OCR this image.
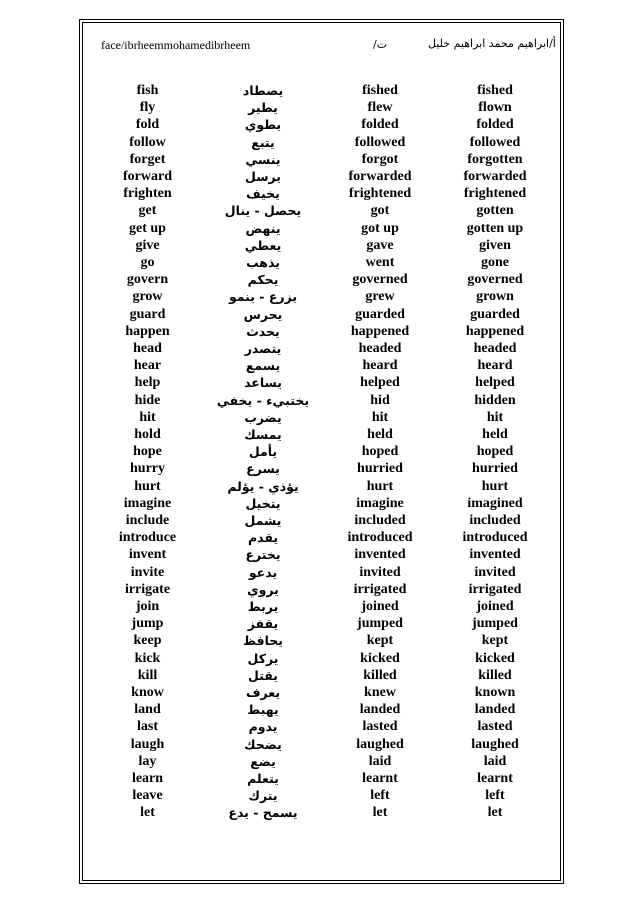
face/ibrheemmohamedibrheem	ت/	أ/ابراهيم محمد ابراهيم خليل
fish	يصطاد	fished	fished
fly	يطير	flew	flown
fold	يطوي	folded	folded
follow	يتبع	followed	followed
forget	ينسي	forgot	forgotten
forward	يرسل	forwarded	forwarded
frighten	يخيف	frightened	frightened
get	يحصل - ينال	got	gotten
get up	ينهض	got up	gotten up
give	يعطي	gave	given
go	يذهب	went	gone
govern	يحكم	governed	governed
grow	يزرع - ينمو	grew	grown
guard	يحرس	guarded	guarded
happen	يحدث	happened	happened
head	يتصدر	headed	headed
hear	يسمع	heard	heard
help	يساعد	helped	helped
hide	يختبيء - يخفي	hid	hidden
hit	يضرب	hit	hit
hold	يمسك	held	held
hope	يأمل	hoped	hoped
hurry	يسرع	hurried	hurried
hurt	يؤذي - يؤلم	hurt	hurt
imagine	يتخيل	imagine	imagined
include	يشمل	included	included
introduce	يقدم	introduced	introduced
invent	يخترع	invented	invented
invite	يدعو	invited	invited
irrigate	يروي	irrigated	irrigated
join	يربط	joined	joined
jump	يقفز	jumped	jumped
keep	يحافظ	kept	kept
kick	يركل	kicked	kicked
kill	يقتل	killed	killed
know	يعرف	knew	known
land	يهبط	landed	landed
last	يدوم	lasted	lasted
laugh	يضحك	laughed	laughed
lay	يضع	laid	laid
learn	يتعلم	learnt	learnt
leave	يترك	left	left
let	يسمح - يدع	let	let
